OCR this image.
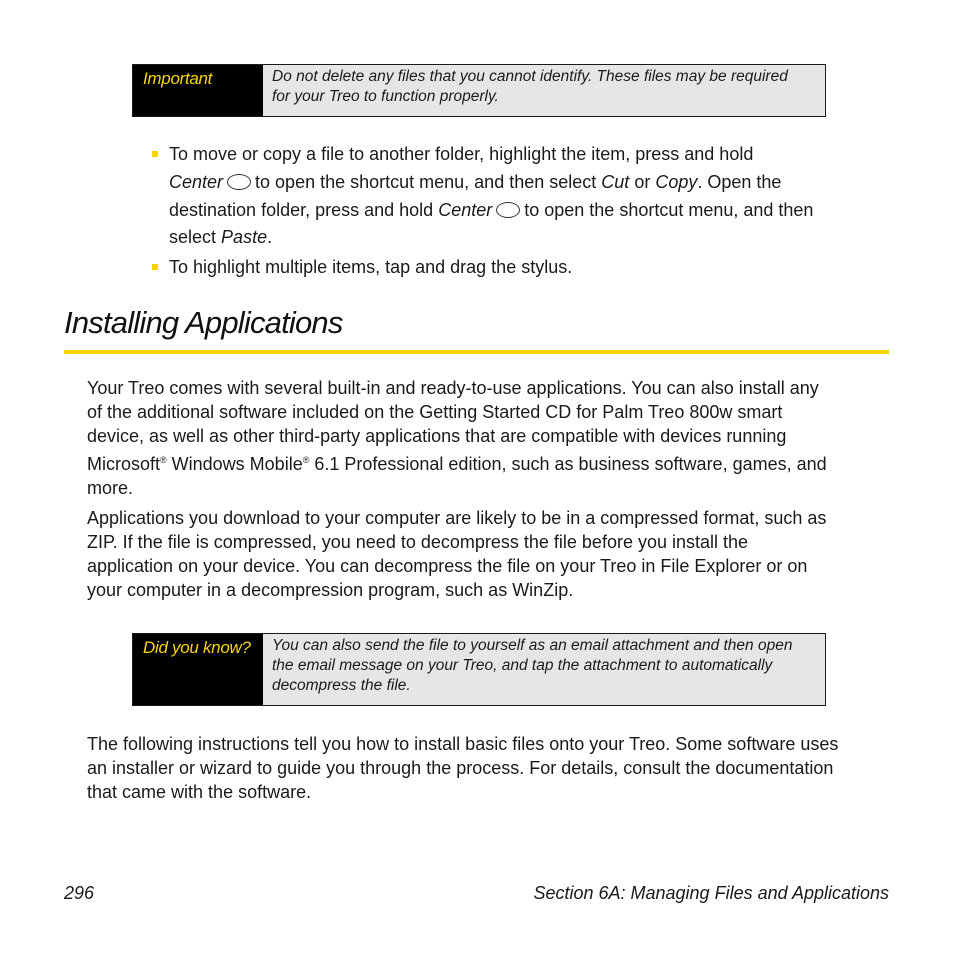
Important	Do not delete any files that you cannot identify. These files may be required
for your Treo to function properly.
To move or copy a file to another folder, highlight the item, press and hold
Center to open the shortcut menu, and then select Cut or Copy. Open the
destination folder, press and hold Center to open the shortcut menu, and then
select Paste.
To highlight multiple items, tap and drag the stylus.
Installing Applications

Your Treo comes with several built-in and ready-to-use applications. You can also install any
of the additional software included on the Getting Started CD for Palm Treo 800w smart
device, as well as other third-party applications that are compatible with devices running
Microsoft® Windows Mobile® 6.1 Professional edition, such as business software, games, and
more.

Applications you download to your computer are likely to be in a compressed format, such as
ZIP. If the file is compressed, you need to decompress the file before you install the
application on your device. You can decompress the file on your Treo in File Explorer or on
your computer in a decompression program, such as WinZip.

Did you know?	You can also send the file to yourself as an email attachment and then open
the email message on your Treo, and tap the attachment to automatically
decompress the file.

The following instructions tell you how to install basic files onto your Treo. Some software uses
an installer or wizard to guide you through the process. For details, consult the documentation
that came with the software.

296	Section 6A: Managing Files and Applications
